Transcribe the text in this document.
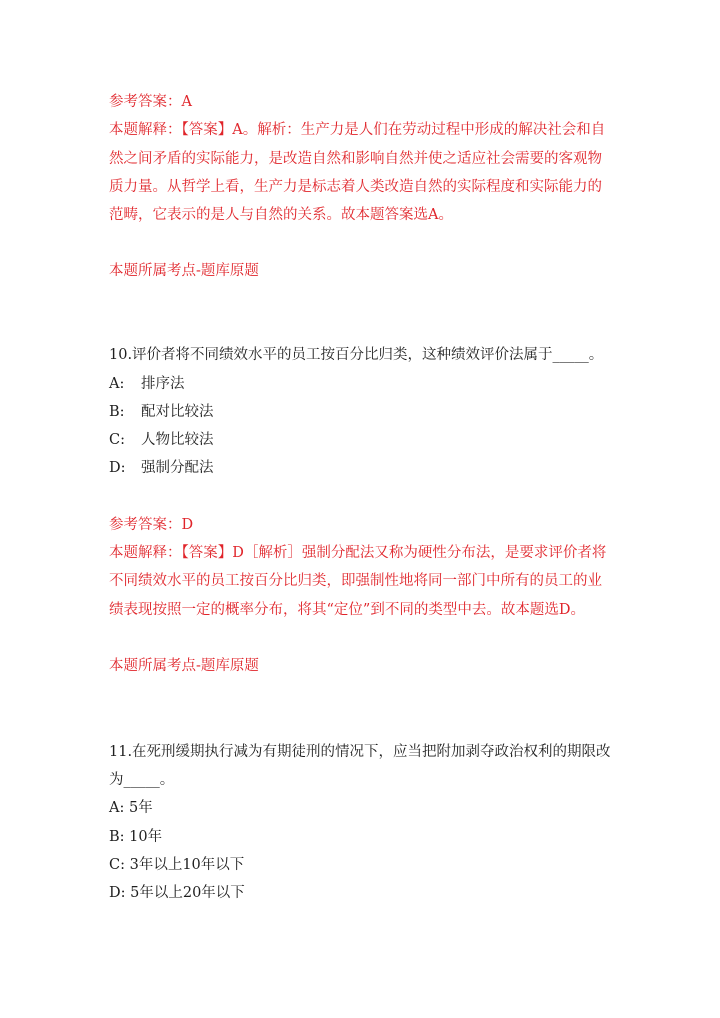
参考答案：A
本题解释：【答案】A。解析：生产力是人们在劳动过程中形成的解决社会和自
然之间矛盾的实际能力，是改造自然和影响自然并使之适应社会需要的客观物
质力量。从哲学上看，生产力是标志着人类改造自然的实际程度和实际能力的
范畴，它表示的是人与自然的关系。故本题答案选A。
本题所属考点-题库原题
10.评价者将不同绩效水平的员工按百分比归类，这种绩效评价法属于_____。
A: 排序法
B: 配对比较法
C: 人物比较法
D: 强制分配法
参考答案：D
本题解释：【答案】D［解析］强制分配法又称为硬性分布法，是要求评价者将
不同绩效水平的员工按百分比归类，即强制性地将同一部门中所有的员工的业
绩表现按照一定的概率分布，将其“定位”到不同的类型中去。故本题选D。
本题所属考点-题库原题
11.在死刑缓期执行减为有期徒刑的情况下，应当把附加剥夺政治权利的期限改
为_____。
A: 5年
B: 10年
C: 3年以上10年以下
D: 5年以上20年以下
